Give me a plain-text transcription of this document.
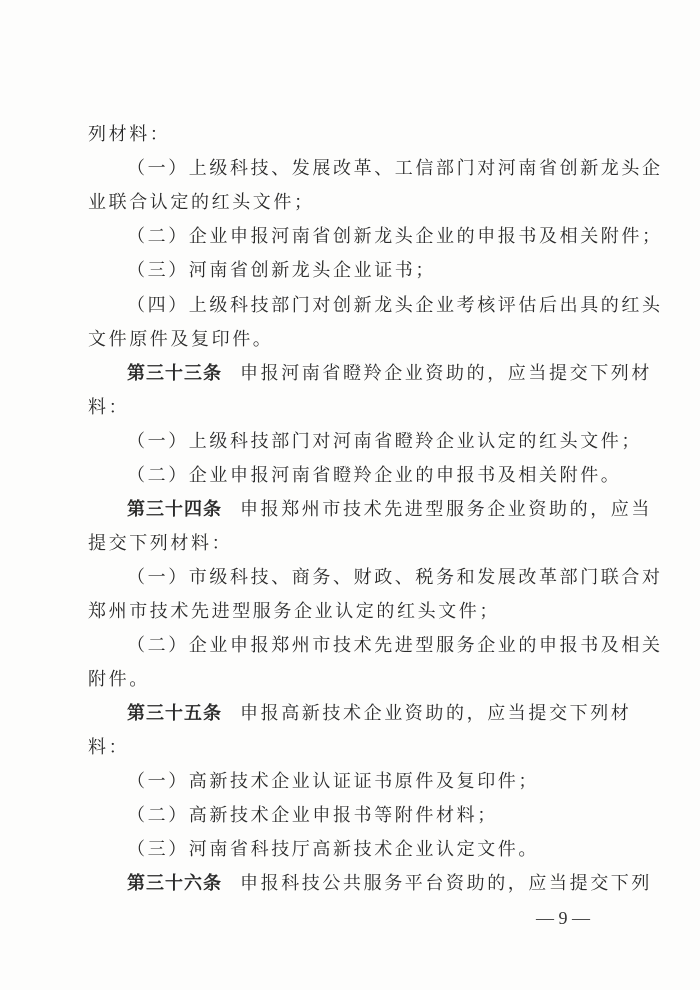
列材料：
（一）上级科技、发展改革、工信部门对河南省创新龙头企
业联合认定的红头文件；
（二）企业申报河南省创新龙头企业的申报书及相关附件；
（三）河南省创新龙头企业证书；
（四）上级科技部门对创新龙头企业考核评估后出具的红头
文件原件及复印件。
第三十三条 申报河南省瞪羚企业资助的，应当提交下列材
料：
（一）上级科技部门对河南省瞪羚企业认定的红头文件；
（二）企业申报河南省瞪羚企业的申报书及相关附件。
第三十四条 申报郑州市技术先进型服务企业资助的，应当
提交下列材料：
（一）市级科技、商务、财政、税务和发展改革部门联合对
郑州市技术先进型服务企业认定的红头文件；
（二）企业申报郑州市技术先进型服务企业的申报书及相关
附件。
第三十五条 申报高新技术企业资助的，应当提交下列材
料：
（一）高新技术企业认证证书原件及复印件；
（二）高新技术企业申报书等附件材料；
（三）河南省科技厅高新技术企业认定文件。
第三十六条 申报科技公共服务平台资助的，应当提交下列
— 9 —
